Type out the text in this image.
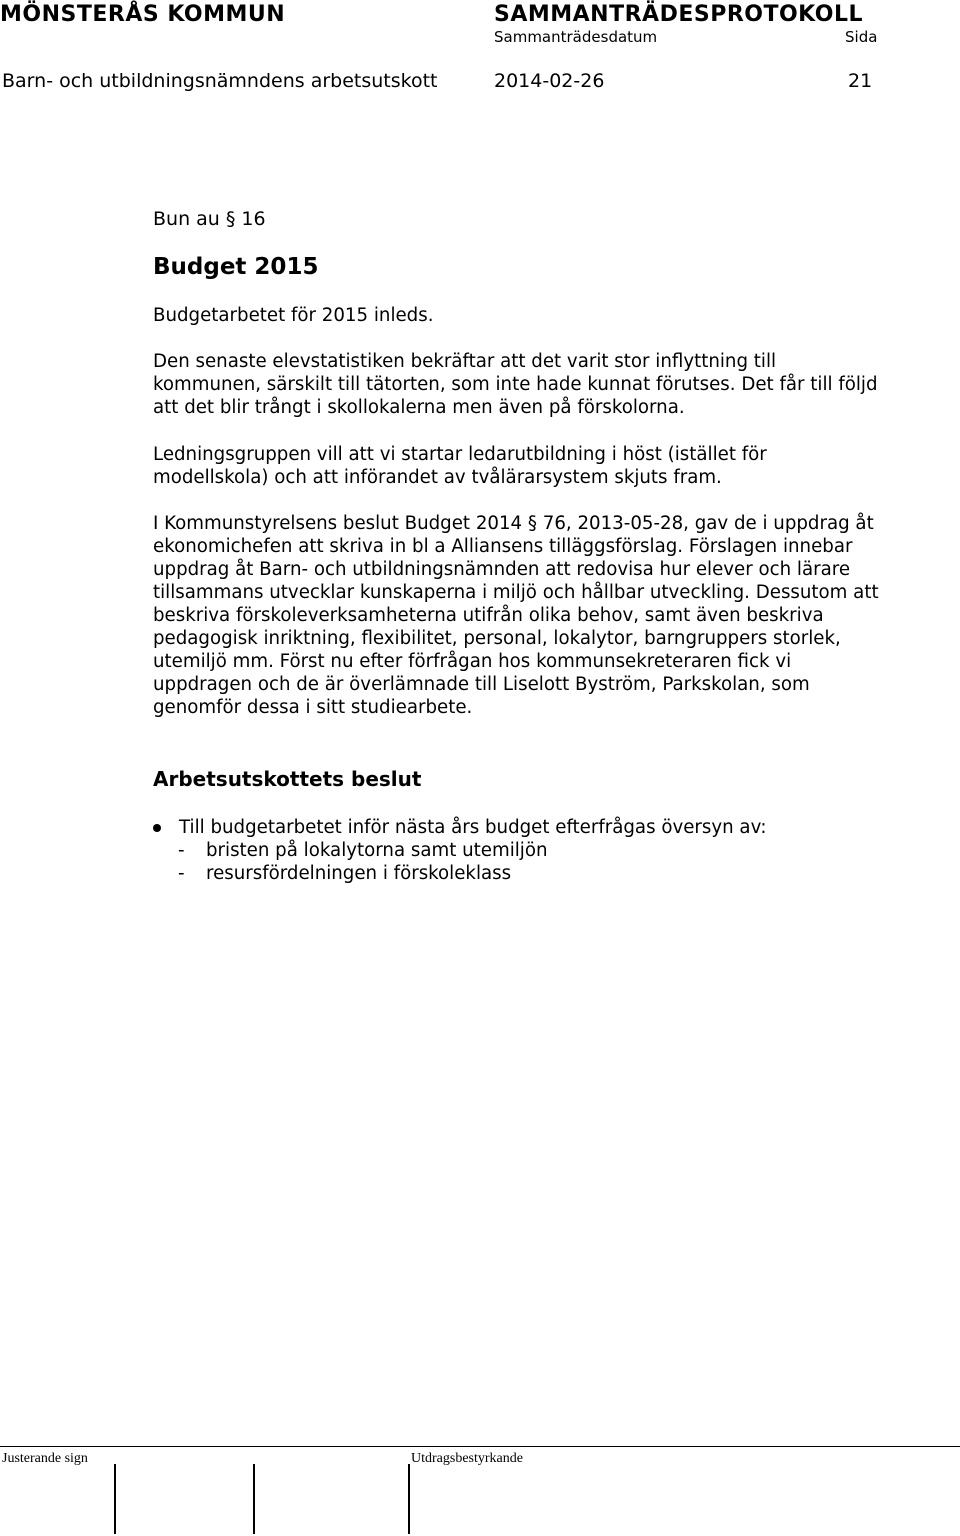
MÖNSTERÅS KOMMUN	SAMMANTRÄDESPROTOKOLL
Sammanträdesdatum	Sida
Barn- och utbildningsnämndens arbetsutskott	2014-02-26	21
Bun au § 16
Budget 2015
Budgetarbetet för 2015 inleds.
Den senaste elevstatistiken bekräftar att det varit stor inflyttning till
kommunen, särskilt till tätorten, som inte hade kunnat förutses. Det får till följd
att det blir trångt i skollokalerna men även på förskolorna.
Ledningsgruppen vill att vi startar ledarutbildning i höst (istället för
modellskola) och att införandet av tvålärarsystem skjuts fram.
I Kommunstyrelsens beslut Budget 2014 § 76, 2013-05-28, gav de i uppdrag åt
ekonomichefen att skriva in bl a Alliansens tilläggsförslag. Förslagen innebar
uppdrag åt Barn- och utbildningsnämnden att redovisa hur elever och lärare
tillsammans utvecklar kunskaperna i miljö och hållbar utveckling. Dessutom att
beskriva förskoleverksamheterna utifrån olika behov, samt även beskriva
pedagogisk inriktning, flexibilitet, personal, lokalytor, barngruppers storlek,
utemiljö mm. Först nu efter förfrågan hos kommunsekreteraren fick vi
uppdragen och de är överlämnade till Liselott Byström, Parkskolan, som
genomför dessa i sitt studiearbete.
Arbetsutskottets beslut
Till budgetarbetet inför nästa års budget efterfrågas översyn av:
- bristen på lokalytorna samt utemiljön
- resursfördelningen i förskoleklass
Justerande sign	Utdragsbestyrkande
